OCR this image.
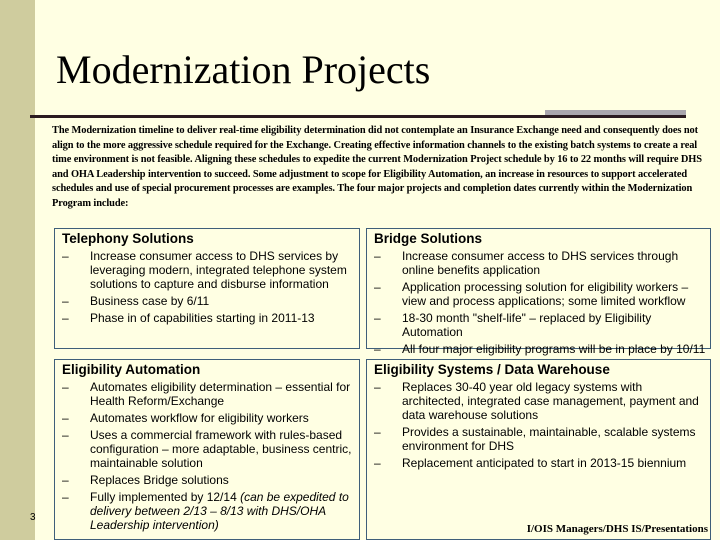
Modernization Projects
The Modernization timeline to deliver real-time eligibility determination did not contemplate an Insurance Exchange need and consequently does not align to the more aggressive schedule required for the Exchange. Creating effective information channels to the existing batch systems to create a real time environment is not feasible. Aligning these schedules to expedite the current Modernization Project schedule by 16 to 22 months will require DHS and OHA Leadership intervention to succeed. Some adjustment to scope for Eligibility Automation, an increase in resources to support accelerated schedules and use of special procurement processes are examples. The four major projects and completion dates currently within the Modernization Program include:
Telephony Solutions
– Increase consumer access to DHS services by leveraging modern, integrated telephone system solutions to capture and disburse information
– Business case by 6/11
– Phase in of capabilities starting in 2011-13
Bridge Solutions
– Increase consumer access to DHS services through online benefits application
– Application processing solution for eligibility workers – view and process applications; some limited workflow
– 18-30 month "shelf-life" – replaced by Eligibility Automation
– All four major eligibility programs will be in place by 10/11
Eligibility Automation
– Automates eligibility determination – essential for Health Reform/Exchange
– Automates workflow for eligibility workers
– Uses a commercial framework with rules-based configuration – more adaptable, business centric, maintainable solution
– Replaces Bridge solutions
– Fully implemented by 12/14 (can be expedited to delivery between 2/13 – 8/13 with DHS/OHA Leadership intervention)
Eligibility Systems / Data Warehouse
– Replaces 30-40 year old legacy systems with architected, integrated case management, payment and data warehouse solutions
– Provides a sustainable, maintainable, scalable systems environment for DHS
– Replacement anticipated to start in 2013-15 biennium
3
I/OIS Managers/DHS IS/Presentations
